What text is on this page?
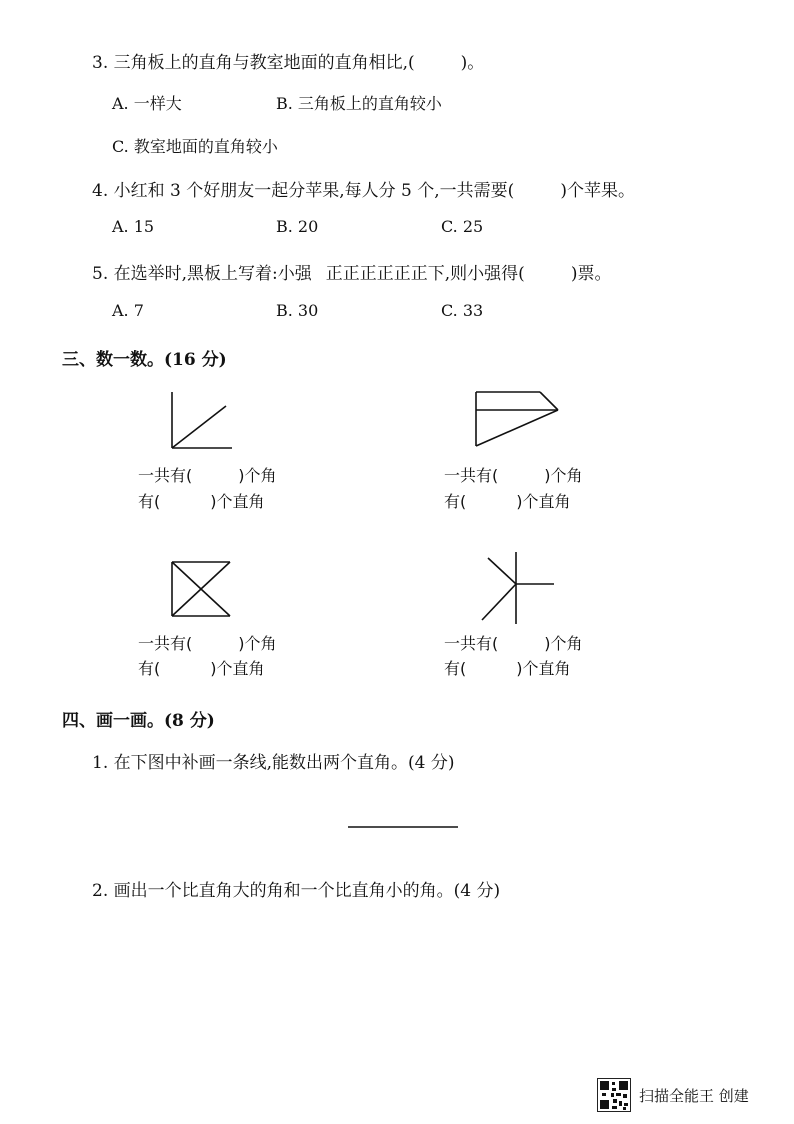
3. 三角板上的直角与教室地面的直角相比,(	)。
A. 一样大	B. 三角板上的直角较小
C. 教室地面的直角较小
4. 小红和 3 个好朋友一起分苹果,每人分 5 个,一共需要(	)个苹果。
A. 15	B. 20	C. 25
5. 在选举时,黑板上写着:小强 正正正正正正下,则小强得(	)票。
A. 7	B. 30	C. 33
三、数一数。(16 分)
一共有(	)个角
有(	)个直角
一共有(	)个角
有(	)个直角
一共有(	)个角
有(	)个直角
一共有(	)个角
有(	)个直角
四、画一画。(8 分)
1. 在下图中补画一条线,能数出两个直角。(4 分)
2. 画出一个比直角大的角和一个比直角小的角。(4 分)
扫描全能王 创建
